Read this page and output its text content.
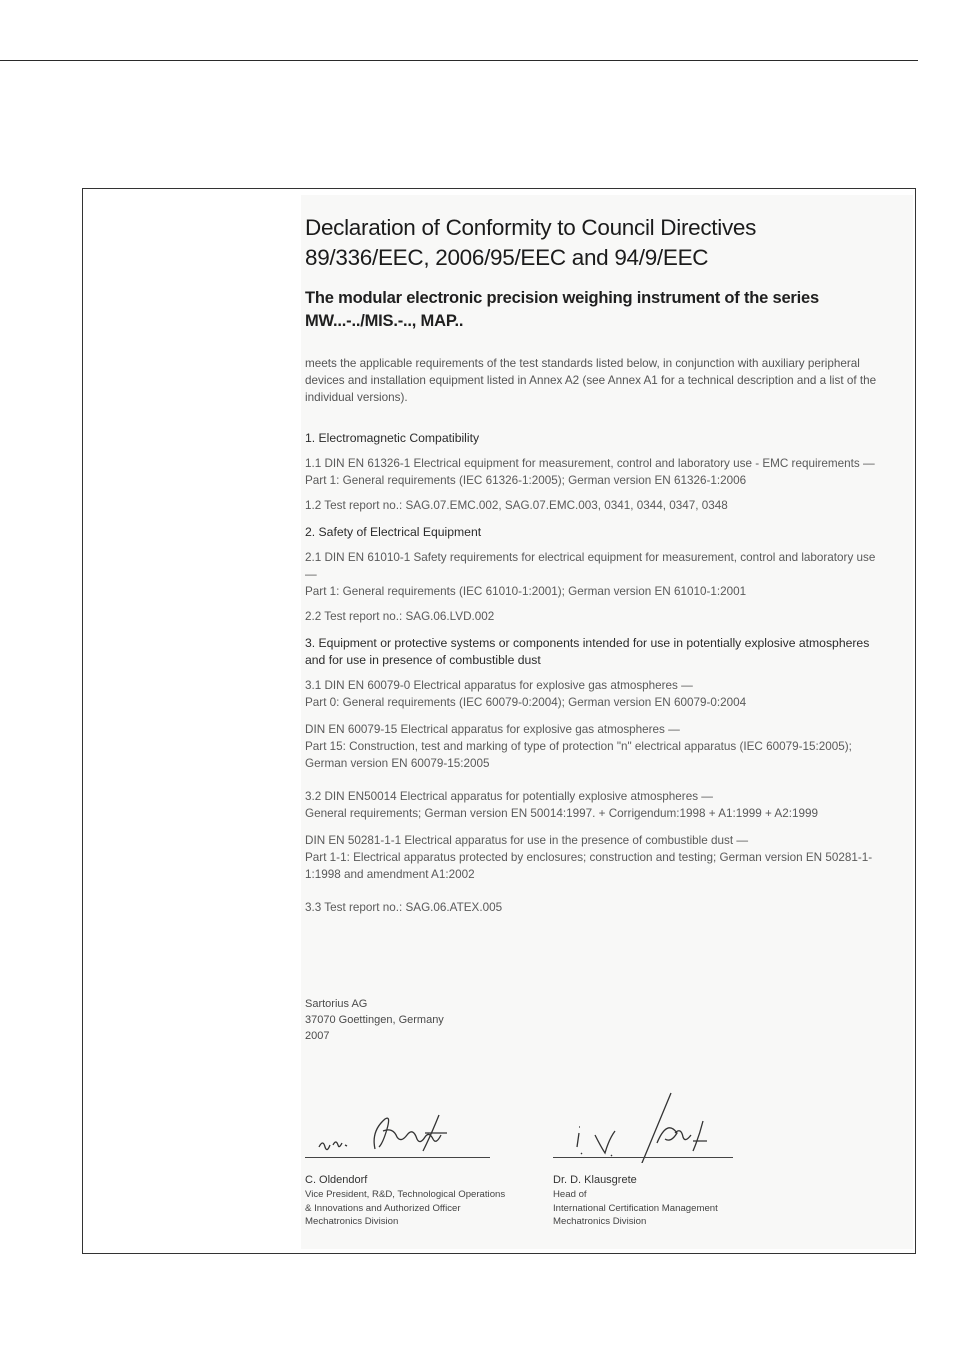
Declaration of Conformity to Council Directives
89/336/EEC, 2006/95/EEC and 94/9/EEC
The modular electronic precision weighing instrument of the series
MW...-../MIS.-.., MAP..

meets the applicable requirements of the test standards listed below, in conjunction with auxiliary peripheral devices and installation equipment listed in Annex A2 (see Annex A1 for a technical description and a list of the individual versions).

1. Electromagnetic Compatibility

1.1 DIN EN 61326-1 Electrical equipment for measurement, control and laboratory use - EMC requirements —

Part 1: General requirements (IEC 61326-1:2005); German version EN 61326-1:2006

1.2 Test report no.: SAG.07.EMC.002, SAG.07.EMC.003, 0341, 0344, 0347, 0348

2. Safety of Electrical Equipment

2.1 DIN EN 61010-1 Safety requirements for electrical equipment for measurement, control and laboratory use —

Part 1: General requirements (IEC 61010-1:2001); German version EN 61010-1:2001

2.2 Test report no.: SAG.06.LVD.002

3. Equipment or protective systems or components intended for use in potentially explosive atmospheres and for use in presence of combustible dust

3.1 DIN EN 60079-0 Electrical apparatus for explosive gas atmospheres —

Part 0: General requirements (IEC 60079-0:2004); German version EN 60079-0:2004

DIN EN 60079-15 Electrical apparatus for explosive gas atmospheres —

Part 15: Construction, test and marking of type of protection "n" electrical apparatus (IEC 60079-15:2005); German version EN 60079-15:2005

3.2 DIN EN50014 Electrical apparatus for potentially explosive atmospheres —

General requirements; German version EN 50014:1997. + Corrigendum:1998 + A1:1999 + A2:1999

DIN EN 50281-1-1 Electrical apparatus for use in the presence of combustible dust —

Part 1-1: Electrical apparatus protected by enclosures; construction and testing; German version EN 50281-1-1:1998 and amendment A1:2002

3.3 Test report no.: SAG.06.ATEX.005

Sartorius AG
37070 Goettingen, Germany
2007
C. Oldendorf
Vice President, R&D, Technological Operations
& Innovations and Authorized Officer
Mechatronics Division
Dr. D. Klausgrete
Head of
International Certification Management
Mechatronics Division
